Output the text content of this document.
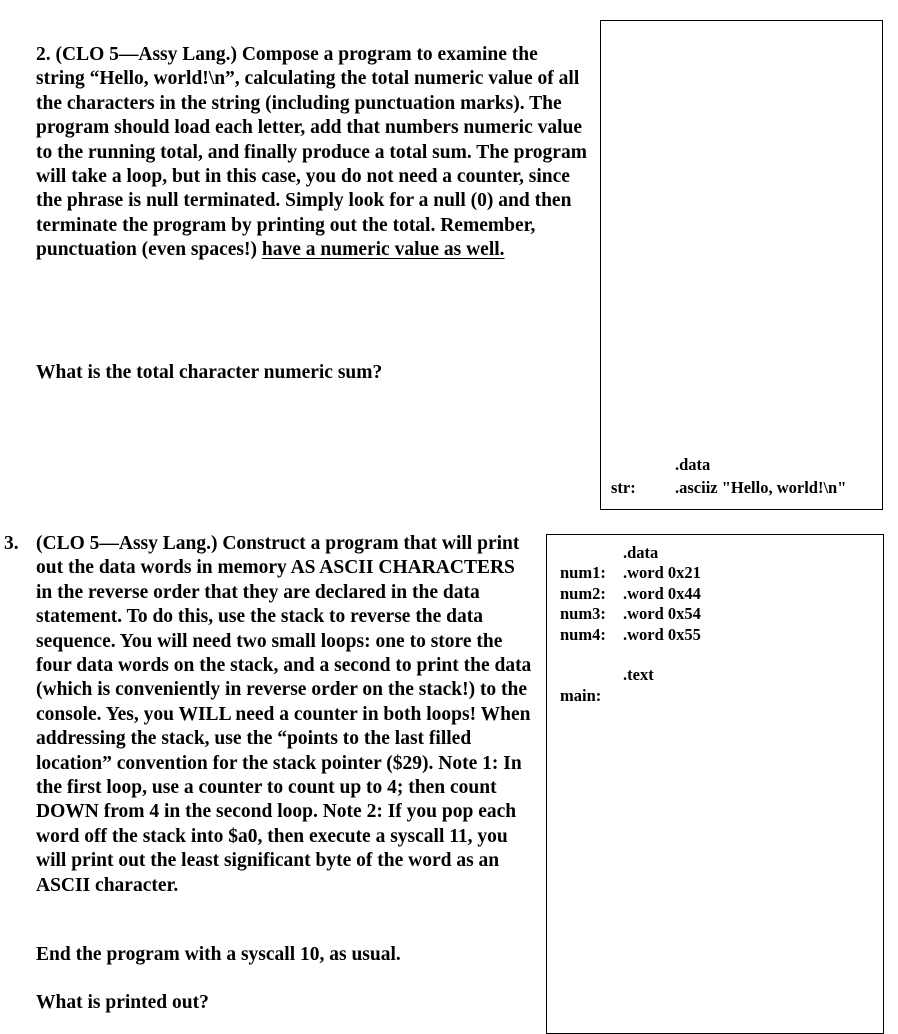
2. (CLO 5—Assy Lang.) Compose a program to examine the string “Hello, world!\n”, calculating the total numeric value of all the characters in the string (including punctuation marks). The program should load each letter, add that numbers numeric value to the running total, and finally produce a total sum. The program will take a loop, but in this case, you do not need a counter, since the phrase is null terminated. Simply look for a null (0) and then terminate the program by printing out the total. Remember, punctuation (even spaces!) have a numeric value as well.
What is the total character numeric sum?
.data
str: .asciiz "Hello, world!\n"
3. (CLO 5—Assy Lang.) Construct a program that will print out the data words in memory AS ASCII CHARACTERS in the reverse order that they are declared in the data statement. To do this, use the stack to reverse the data sequence. You will need two small loops: one to store the four data words on the stack, and a second to print the data (which is conveniently in reverse order on the stack!) to the console. Yes, you WILL need a counter in both loops! When addressing the stack, use the “points to the last filled location” convention for the stack pointer ($29). Note 1: In the first loop, use a counter to count up to 4; then count DOWN from 4 in the second loop. Note 2: If you pop each word off the stack into $a0, then execute a syscall 11, you will print out the least significant byte of the word as an ASCII character.
End the program with a syscall 10, as usual.
What is printed out?
.data
num1: .word 0x21
num2: .word 0x44
num3: .word 0x54
num4: .word 0x55
.text
main:
